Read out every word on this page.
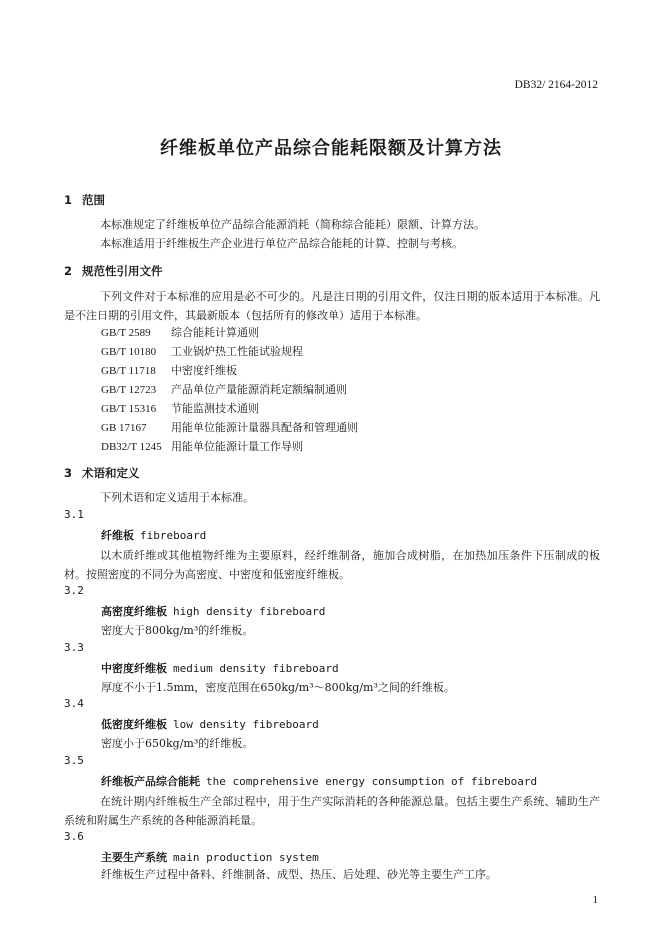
DB32/ 2164-2012
纤维板单位产品综合能耗限额及计算方法
1 范围
本标准规定了纤维板单位产品综合能源消耗（简称综合能耗）限额、计算方法。
本标准适用于纤维板生产企业进行单位产品综合能耗的计算、控制与考核。
2 规范性引用文件
下列文件对于本标准的应用是必不可少的。凡是注日期的引用文件，仅注日期的版本适用于本标准。凡是不注日期的引用文件，其最新版本（包括所有的修改单）适用于本标准。
GB/T 2589 综合能耗计算通则
GB/T 10180 工业锅炉热工性能试验规程
GB/T 11718 中密度纤维板
GB/T 12723 产品单位产量能源消耗定额编制通则
GB/T 15316 节能监测技术通则
GB 17167 用能单位能源计量器具配备和管理通则
DB32/T 1245 用能单位能源计量工作导则
3 术语和定义
下列术语和定义适用于本标准。
3.1
纤维板 fibreboard
以木质纤维或其他植物纤维为主要原料，经纤维制备，施加合成树脂，在加热加压条件下压制成的板材。按照密度的不同分为高密度、中密度和低密度纤维板。
3.2
高密度纤维板 high density fibreboard
密度大于800kg/m³的纤维板。
3.3
中密度纤维板 medium density fibreboard
厚度不小于1.5mm，密度范围在650kg/m³～800kg/m³之间的纤维板。
3.4
低密度纤维板 low density fibreboard
密度小于650kg/m³的纤维板。
3.5
纤维板产品综合能耗 the comprehensive energy consumption of fibreboard
在统计期内纤维板生产全部过程中，用于生产实际消耗的各种能源总量。包括主要生产系统、辅助生产系统和附属生产系统的各种能源消耗量。
3.6
主要生产系统 main production system
纤维板生产过程中备料、纤维制备、成型、热压、后处理、砂光等主要生产工序。
1
